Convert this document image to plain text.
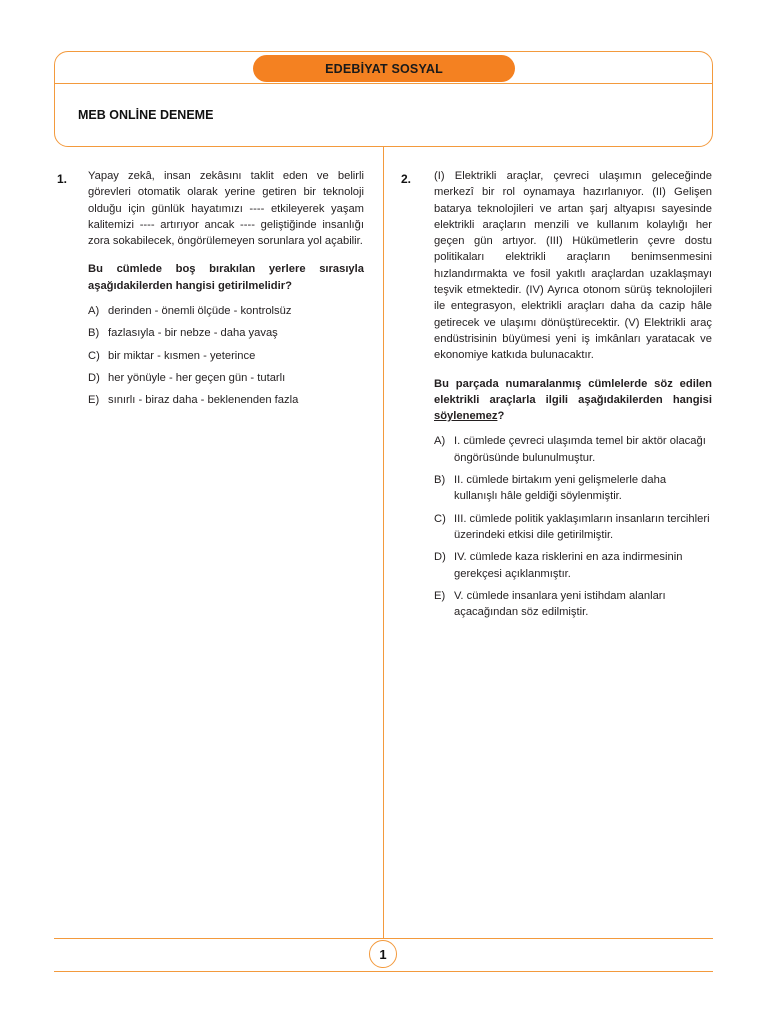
EDEBİYAT SOSYAL
MEB ONLİNE DENEME
1. Yapay zekâ, insan zekâsını taklit eden ve belirli görevleri otomatik olarak yerine getiren bir teknoloji olduğu için günlük hayatımızı ---- etkileyerek yaşam kalitemizi ---- artırıyor ancak ---- geliştiğinde insanlığı zora sokabilecek, öngörülemeyen sorunlara yol açabilir.

Bu cümlede boş bırakılan yerlere sırasıyla aşağıdakilerden hangisi getirilmelidir?

A) derinden - önemli ölçüde - kontrolsüz
B) fazlasıyla - bir nebze - daha yavaş
C) bir miktar - kısmen - yeterince
D) her yönüyle - her geçen gün - tutarlı
E) sınırlı - biraz daha - beklenenden fazla
2. (I) Elektrikli araçlar, çevreci ulaşımın geleceğinde merkezî bir rol oynamaya hazırlanıyor. (II) Gelişen batarya teknolojileri ve artan şarj altyapısı sayesinde elektrikli araçların menzili ve kullanım kolaylığı her geçen gün artıyor. (III) Hükümetlerin çevre dostu politikaları elektrikli araçların benimsenmesini hızlandırmakta ve fosil yakıtlı araçlardan uzaklaşmayı teşvik etmektedir. (IV) Ayrıca otonom sürüş teknolojileri ile entegrasyon, elektrikli araçları daha da cazip hâle getirecek ve ulaşımı dönüştürecektir. (V) Elektrikli araç endüstrisinin büyümesi yeni iş imkânları yaratacak ve ekonomiye katkıda bulunacaktır.

Bu parçada numaralanmış cümlelerde söz edilen elektrikli araçlarla ilgili aşağıdakilerden hangisi söylenemez?

A) I. cümlede çevreci ulaşımda temel bir aktör olacağı öngörüsünde bulunulmuştur.
B) II. cümlede birtakım yeni gelişmelerle daha kullanışlı hâle geldiği söylenmiştir.
C) III. cümlede politik yaklaşımların insanların tercihleri üzerindeki etkisi dile getirilmiştir.
D) IV. cümlede kaza risklerini en aza indirmesinin gerekçesi açıklanmıştır.
E) V. cümlede insanlara yeni istihdam alanları açacağından söz edilmiştir.
1
